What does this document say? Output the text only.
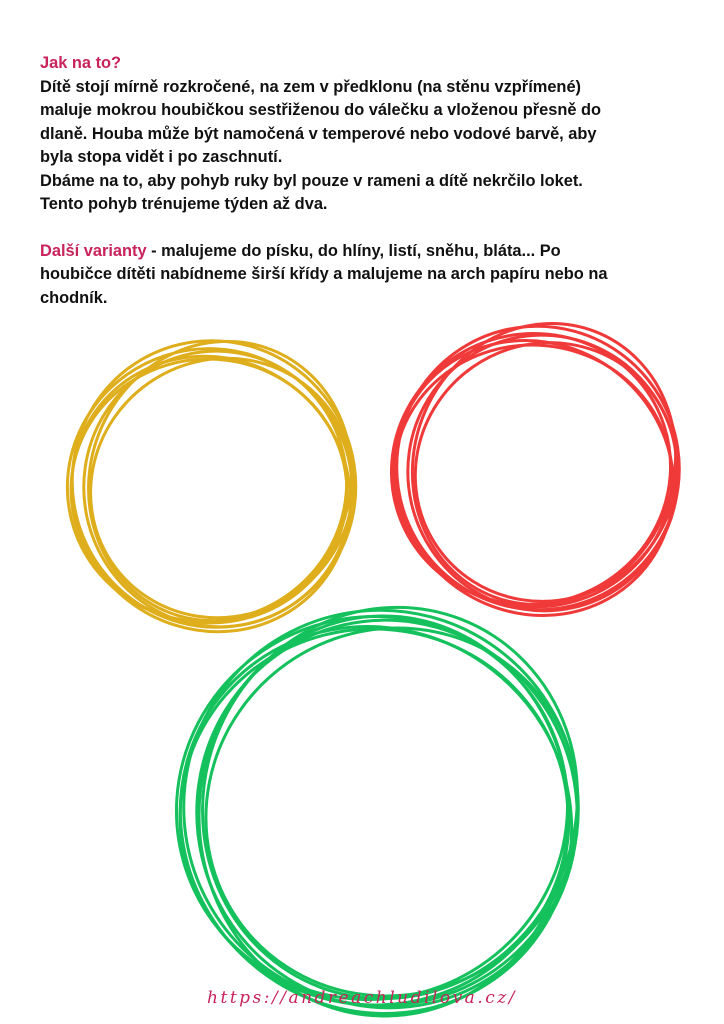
Jak na to?

Dítě stojí mírně rozkročené, na zem v předklonu (na stěnu vzpřímené)

maluje mokrou houbičkou sestřiženou do válečku a vloženou přesně do

dlaně. Houba může být namočená v temperové nebo vodové barvě, aby

byla stopa vidět i po zaschnutí.

Dbáme na to, aby pohyb ruky byl pouze v rameni a dítě nekrčilo loket.

Tento pohyb trénujeme týden až dva.

Další varianty - malujeme do písku, do hlíny, listí, sněhu, bláta... Po

houbičce dítěti nabídneme širší křídy a malujeme na arch papíru nebo na

chodník.

https://andreachludilova.cz/
